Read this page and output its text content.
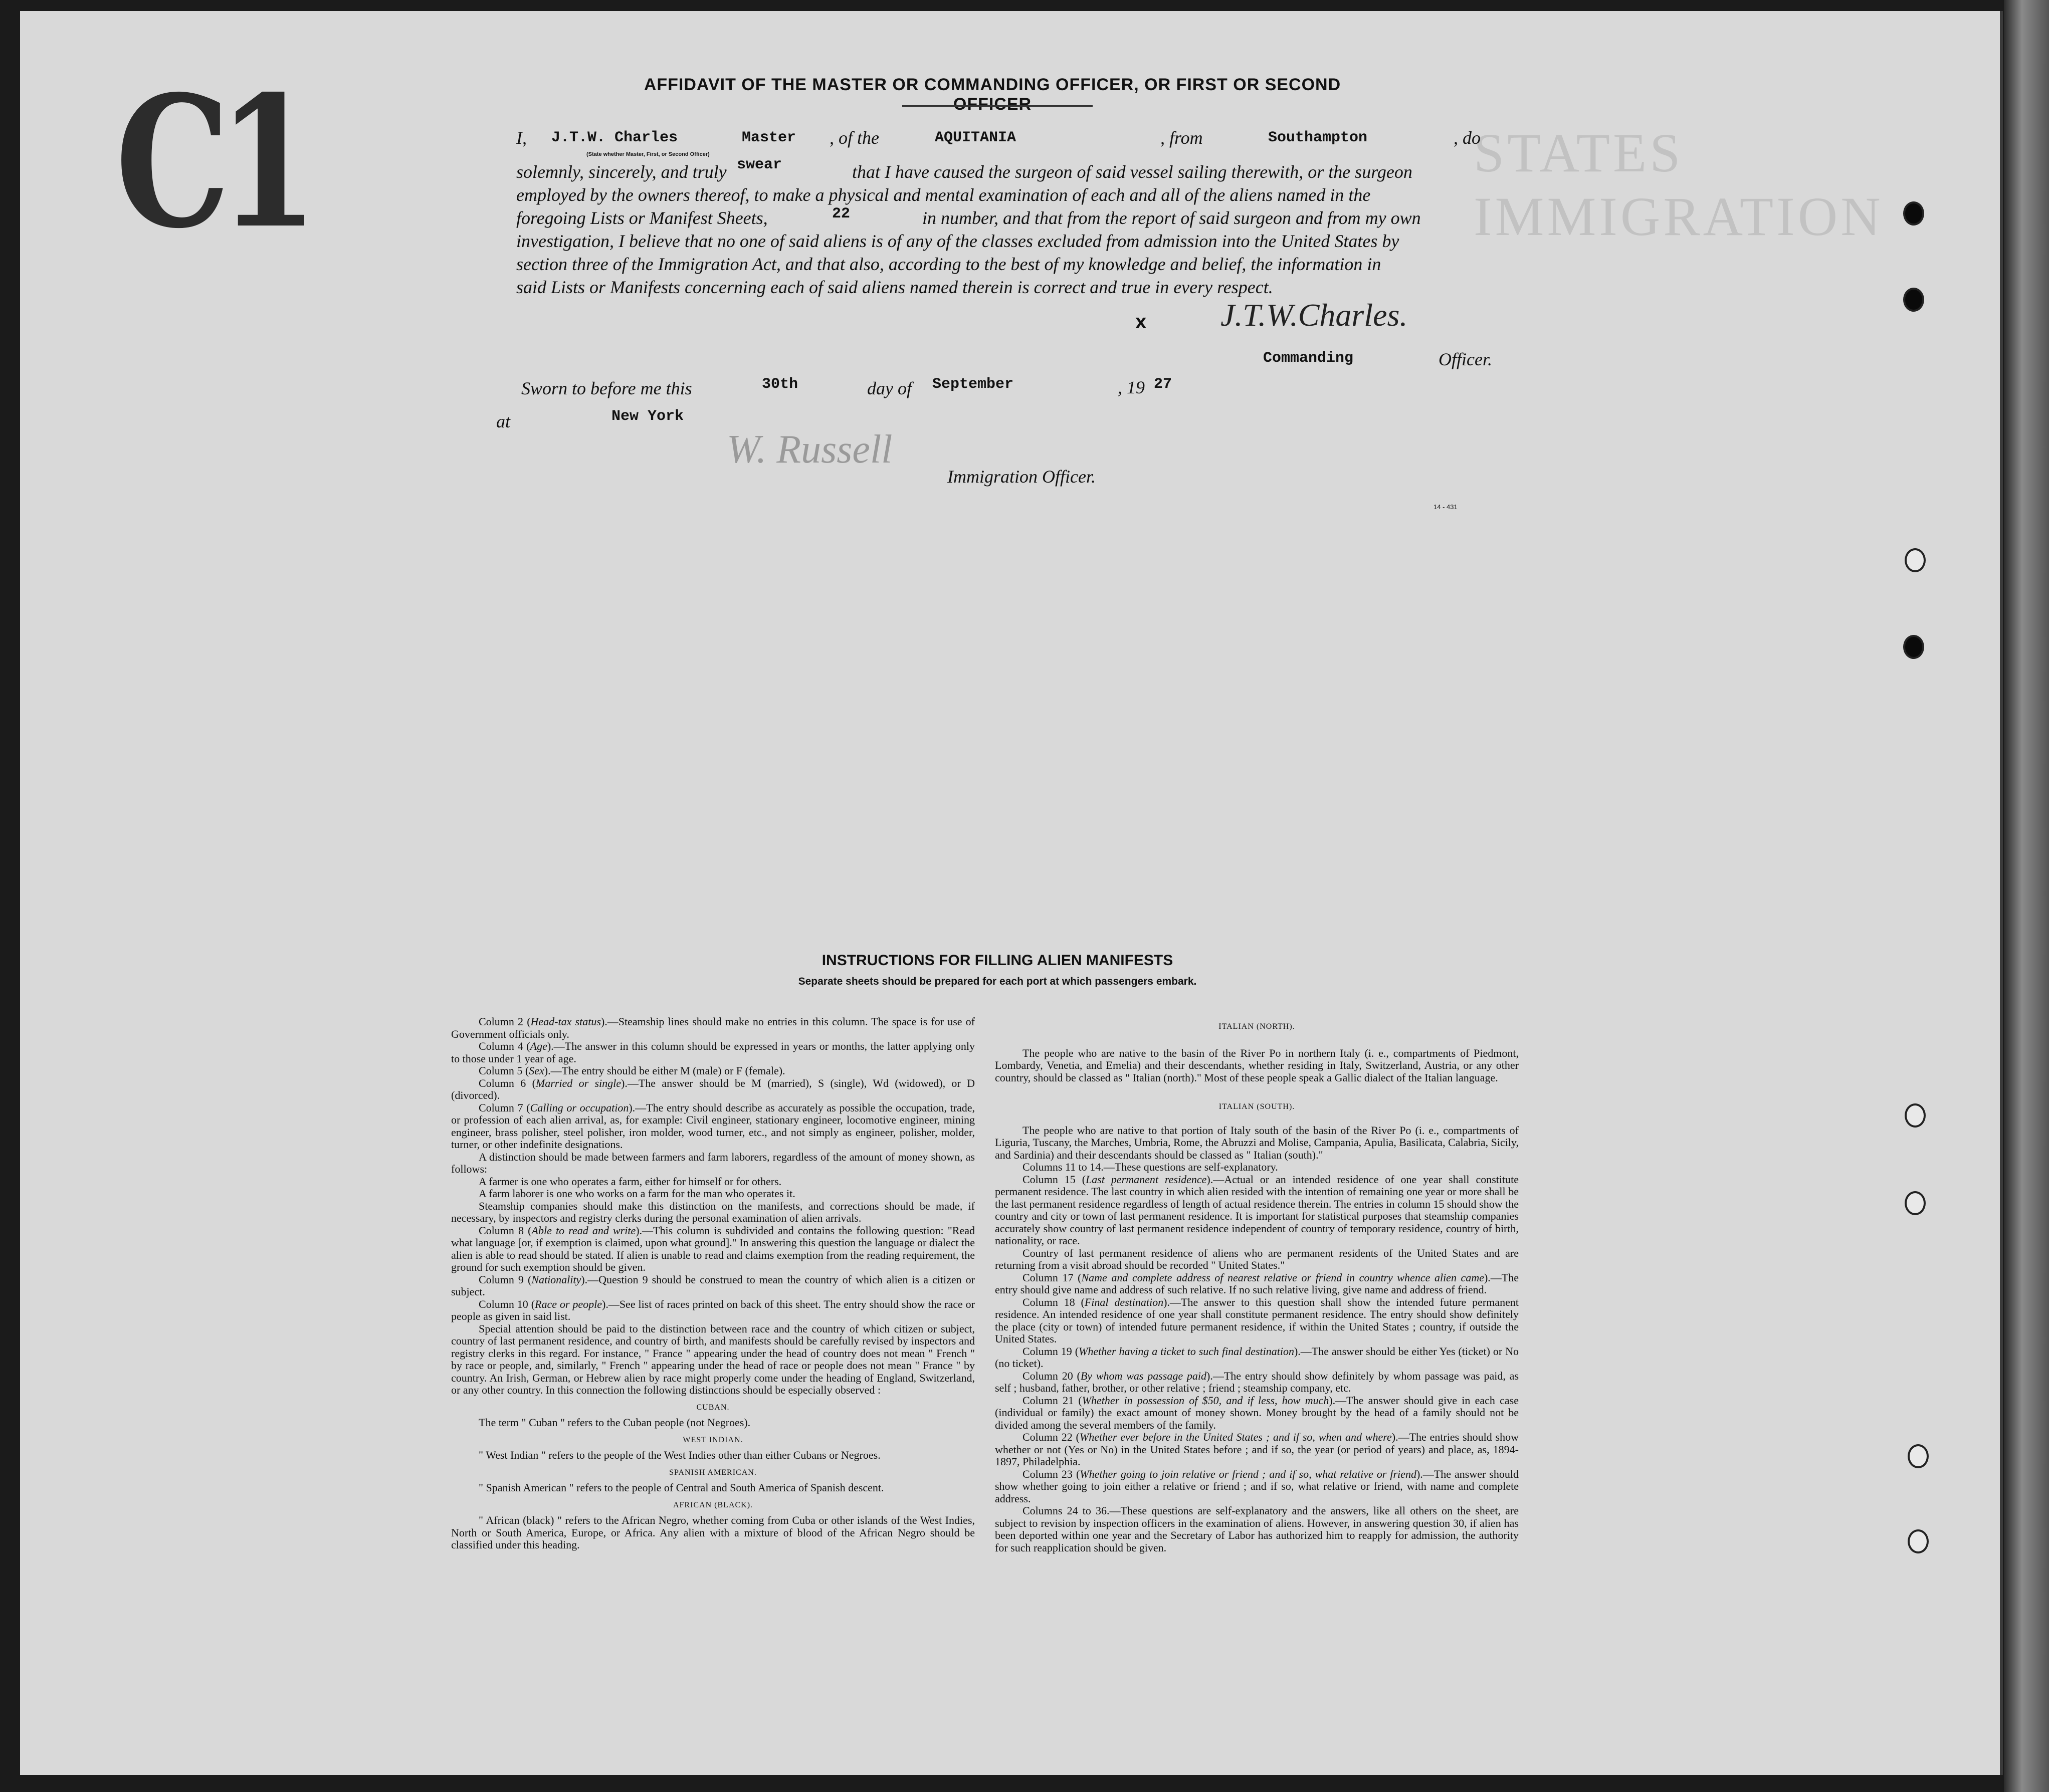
C1	STATES IMMIGRATION
AFFIDAVIT OF THE MASTER OR COMMANDING OFFICER, OR FIRST OR SECOND OFFICER
I, J.T.W. Charles	Master , of the	AQUITANIA	, from	Southampton	, do
(State whether Master, First, or Second Officer)
solemnly, sincerely, and truly swear	that I have caused the surgeon of said vessel sailing therewith, or the surgeon
employed by the owners thereof, to make a physical and mental examination of each and all of the aliens named in the
foregoing Lists or Manifest Sheets,	22	in number, and that from the report of said surgeon and from my own
investigation, I believe that no one of said aliens is of any of the classes excluded from admission into the United States by
section three of the Immigration Act, and that also, according to the best of my knowledge and belief, the information in
said Lists or Manifests concerning each of said aliens named therein is correct and true in every respect.
x J.T.W.Charles.
Commanding	Officer.
Sworn to before me this	30th	day of September	, 19 27
at	New York
W. Russell
Immigration Officer.
14 - 431
INSTRUCTIONS FOR FILLING ALIEN MANIFESTS
Separate sheets should be prepared for each port at which passengers embark.

Column 2 (Head-tax status).—Steamship lines should make no entries in this column. The space is for use of Government officials only.

Column 4 (Age).—The answer in this column should be expressed in years or months, the latter applying only to those under 1 year of age.

Column 5 (Sex).—The entry should be either M (male) or F (female).

Column 6 (Married or single).—The answer should be M (married), S (single), Wd (widowed), or D (divorced).

Column 7 (Calling or occupation).—The entry should describe as accurately as possible the occupation, trade, or profession of each alien arrival, as, for example: Civil engineer, stationary engineer, locomotive engineer, mining engineer, brass polisher, steel polisher, iron molder, wood turner, etc., and not simply as engineer, polisher, molder, turner, or other indefinite designations.

A distinction should be made between farmers and farm laborers, regardless of the amount of money shown, as follows:

A farmer is one who operates a farm, either for himself or for others.

A farm laborer is one who works on a farm for the man who operates it.

Steamship companies should make this distinction on the manifests, and corrections should be made, if necessary, by inspectors and registry clerks during the personal examination of alien arrivals.

Column 8 (Able to read and write).—This column is subdivided and contains the following question: "Read what language [or, if exemption is claimed, upon what ground]." In answering this question the language or dialect the alien is able to read should be stated. If alien is unable to read and claims exemption from the reading requirement, the ground for such exemption should be given.

Column 9 (Nationality).—Question 9 should be construed to mean the country of which alien is a citizen or subject.

Column 10 (Race or people).—See list of races printed on back of this sheet. The entry should show the race or people as given in said list.

Special attention should be paid to the distinction between race and the country of which citizen or subject, country of last permanent residence, and country of birth, and manifests should be carefully revised by inspectors and registry clerks in this regard. For instance, " France " appearing under the head of country does not mean " French " by race or people, and, similarly, " French " appearing under the head of race or people does not mean " France " by country. An Irish, German, or Hebrew alien by race might properly come under the heading of England, Switzerland, or any other country. In this connection the following distinctions should be especially observed :

CUBAN.

The term " Cuban " refers to the Cuban people (not Negroes).

WEST INDIAN.

" West Indian " refers to the people of the West Indies other than either Cubans or Negroes.

SPANISH AMERICAN.

" Spanish American " refers to the people of Central and South America of Spanish descent.

AFRICAN (BLACK).

" African (black) " refers to the African Negro, whether coming from Cuba or other islands of the West Indies, North or South America, Europe, or Africa. Any alien with a mixture of blood of the African Negro should be classified under this heading.

ITALIAN (NORTH).

The people who are native to the basin of the River Po in northern Italy (i. e., compartments of Piedmont, Lombardy, Venetia, and Emelia) and their descendants, whether residing in Italy, Switzerland, Austria, or any other country, should be classed as " Italian (north)." Most of these people speak a Gallic dialect of the Italian language.

ITALIAN (SOUTH).

The people who are native to that portion of Italy south of the basin of the River Po (i. e., compartments of Liguria, Tuscany, the Marches, Umbria, Rome, the Abruzzi and Molise, Campania, Apulia, Basilicata, Calabria, Sicily, and Sardinia) and their descendants should be classed as " Italian (south)."

Columns 11 to 14.—These questions are self-explanatory.

Column 15 (Last permanent residence).—Actual or an intended residence of one year shall constitute permanent residence. The last country in which alien resided with the intention of remaining one year or more shall be the last permanent residence regardless of length of actual residence therein. The entries in column 15 should show the country and city or town of last permanent residence. It is important for statistical purposes that steamship companies accurately show country of last permanent residence independent of country of temporary residence, country of birth, nationality, or race.

Country of last permanent residence of aliens who are permanent residents of the United States and are returning from a visit abroad should be recorded " United States."

Column 17 (Name and complete address of nearest relative or friend in country whence alien came).—The entry should give name and address of such relative. If no such relative living, give name and address of friend.

Column 18 (Final destination).—The answer to this question shall show the intended future permanent residence. An intended residence of one year shall constitute permanent residence. The entry should show definitely the place (city or town) of intended future permanent residence, if within the United States ; country, if outside the United States.

Column 19 (Whether having a ticket to such final destination).—The answer should be either Yes (ticket) or No (no ticket).

Column 20 (By whom was passage paid).—The entry should show definitely by whom passage was paid, as self ; husband, father, brother, or other relative ; friend ; steamship company, etc.

Column 21 (Whether in possession of $50, and if less, how much).—The answer should give in each case (individual or family) the exact amount of money shown. Money brought by the head of a family should not be divided among the several members of the family.

Column 22 (Whether ever before in the United States ; and if so, when and where).—The entries should show whether or not (Yes or No) in the United States before ; and if so, the year (or period of years) and place, as, 1894-1897, Philadelphia.

Column 23 (Whether going to join relative or friend ; and if so, what relative or friend).—The answer should show whether going to join either a relative or friend ; and if so, what relative or friend, with name and complete address.

Columns 24 to 36.—These questions are self-explanatory and the answers, like all others on the sheet, are subject to revision by inspection officers in the examination of aliens. However, in answering question 30, if alien has been deported within one year and the Secretary of Labor has authorized him to reapply for admission, the authority for such reapplication should be given.
